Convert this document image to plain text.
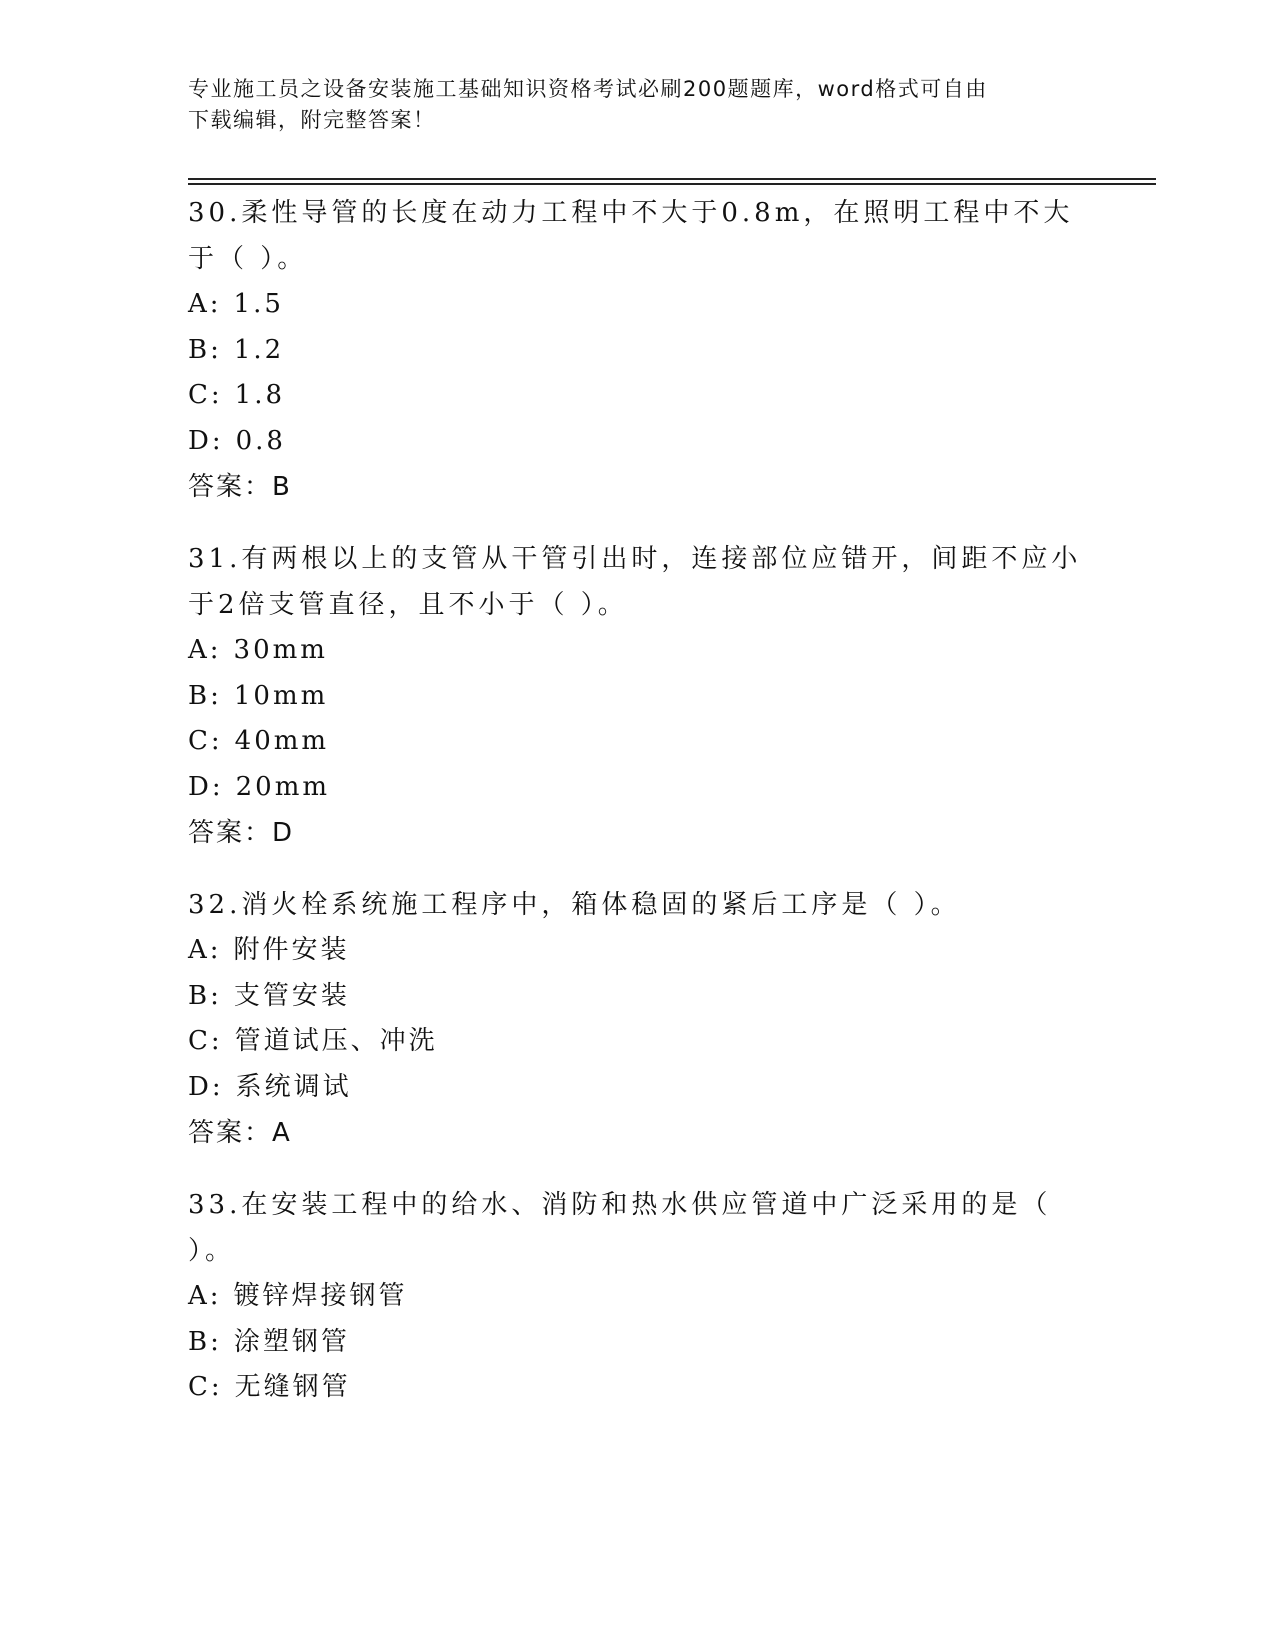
专业施工员之设备安装施工基础知识资格考试必刷200题题库，word格式可自由
下载编辑，附完整答案！

30.柔性导管的长度在动力工程中不大于0.8m，在照明工程中不大于（ ）。

A: 1.5

B: 1.2

C: 1.8

D: 0.8

答案：B

31.有两根以上的支管从干管引出时，连接部位应错开，间距不应小于2倍支管直径，且不小于（ ）。

A: 30mm

B: 10mm

C: 40mm

D: 20mm

答案：D

32.消火栓系统施工程序中，箱体稳固的紧后工序是（ ）。

A: 附件安装

B: 支管安装

C: 管道试压、冲洗

D: 系统调试

答案：A

33.在安装工程中的给水、消防和热水供应管道中广泛采用的是（ ）。

A: 镀锌焊接钢管

B: 涂塑钢管

C: 无缝钢管
